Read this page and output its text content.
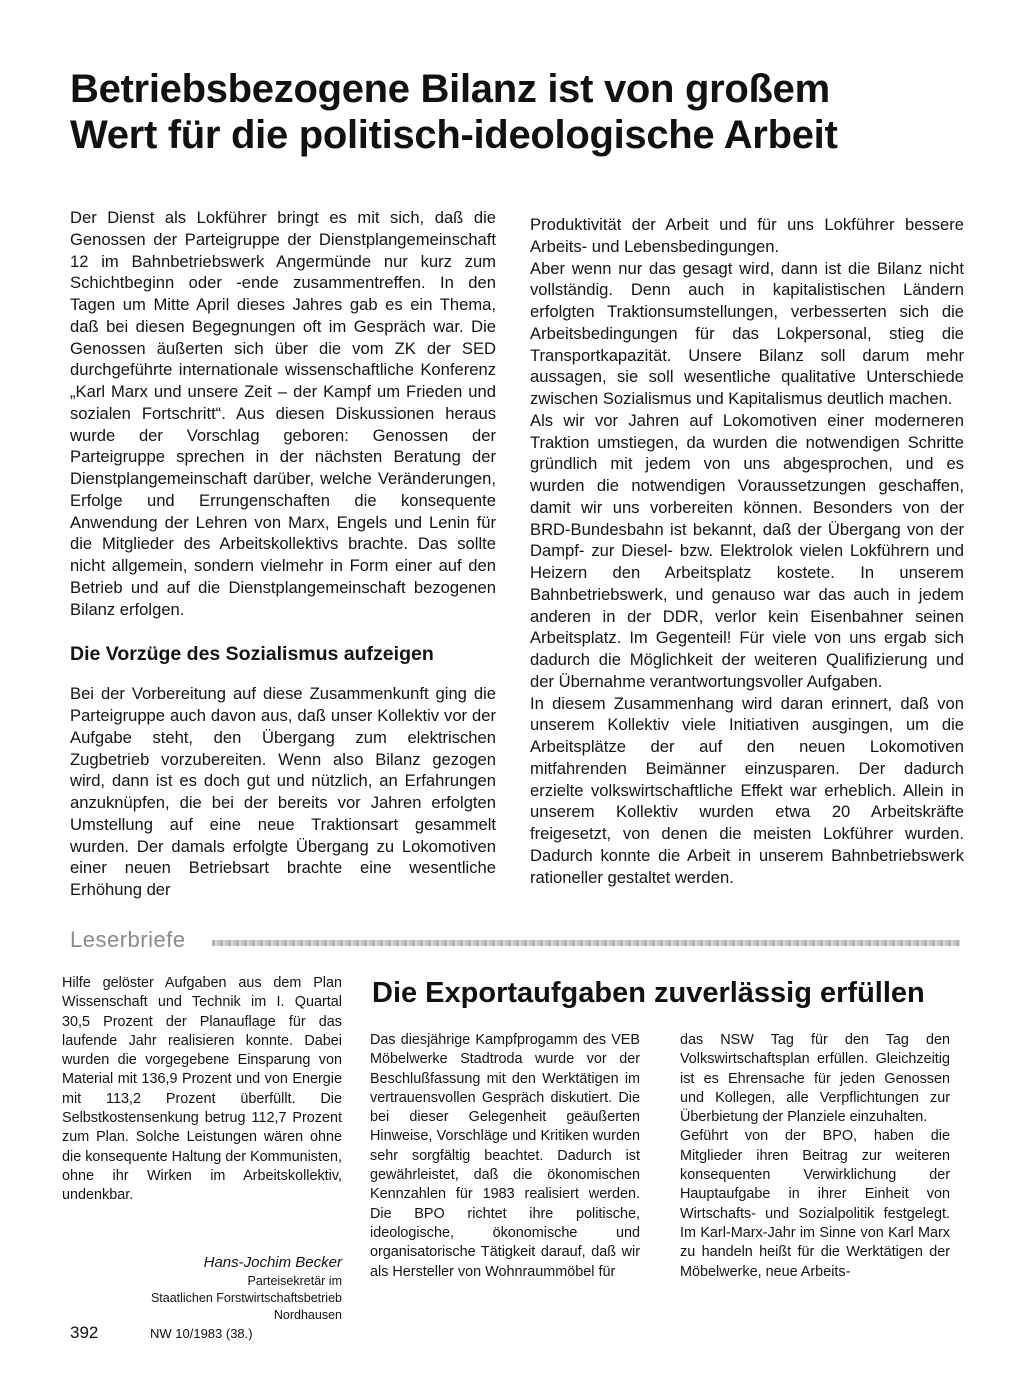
Betriebsbezogene Bilanz ist von großem
Wert für die politisch-ideologische Arbeit

Der Dienst als Lokführer bringt es mit sich, daß die Genossen der Parteigruppe der Dienstplangemeinschaft 12 im Bahnbetriebswerk Angermünde nur kurz zum Schichtbeginn oder -ende zusammentreffen. In den Tagen um Mitte April dieses Jahres gab es ein Thema, daß bei diesen Begegnungen oft im Gespräch war. Die Genossen äußerten sich über die vom ZK der SED durchgeführte internationale wissenschaftliche Konferenz „Karl Marx und unsere Zeit – der Kampf um Frieden und sozialen Fortschritt“. Aus diesen Diskussionen heraus wurde der Vorschlag geboren: Genossen der Parteigruppe sprechen in der nächsten Beratung der Dienstplangemeinschaft darüber, welche Veränderungen, Erfolge und Errungenschaften die konsequente Anwendung der Lehren von Marx, Engels und Lenin für die Mitglieder des Arbeitskollektivs brachte. Das sollte nicht allgemein, sondern vielmehr in Form einer auf den Betrieb und auf die Dienstplangemeinschaft bezogenen Bilanz erfolgen.

Die Vorzüge des Sozialismus aufzeigen

Bei der Vorbereitung auf diese Zusammenkunft ging die Parteigruppe auch davon aus, daß unser Kollektiv vor der Aufgabe steht, den Übergang zum elektrischen Zugbetrieb vorzubereiten. Wenn also Bilanz gezogen wird, dann ist es doch gut und nützlich, an Erfahrungen anzuknüpfen, die bei der bereits vor Jahren erfolgten Umstellung auf eine neue Traktionsart gesammelt wurden. Der damals erfolgte Übergang zu Lokomotiven einer neuen Betriebsart brachte eine wesentliche Erhöhung der

Produktivität der Arbeit und für uns Lokführer bessere Arbeits- und Lebensbedingungen.

Aber wenn nur das gesagt wird, dann ist die Bilanz nicht vollständig. Denn auch in kapitalistischen Ländern erfolgten Traktionsumstellungen, verbesserten sich die Arbeitsbedingungen für das Lokpersonal, stieg die Transportkapazität. Unsere Bilanz soll darum mehr aussagen, sie soll wesentliche qualitative Unterschiede zwischen Sozialismus und Kapitalismus deutlich machen.

Als wir vor Jahren auf Lokomotiven einer moderneren Traktion umstiegen, da wurden die notwendigen Schritte gründlich mit jedem von uns abgesprochen, und es wurden die notwendigen Voraussetzungen geschaffen, damit wir uns vorbereiten können. Besonders von der BRD-Bundesbahn ist bekannt, daß der Übergang von der Dampf- zur Diesel- bzw. Elektrolok vielen Lokführern und Heizern den Arbeitsplatz kostete. In unserem Bahnbetriebswerk, und genauso war das auch in jedem anderen in der DDR, verlor kein Eisenbahner seinen Arbeitsplatz. Im Gegenteil! Für viele von uns ergab sich dadurch die Möglichkeit der weiteren Qualifizierung und der Übernahme verantwortungsvoller Aufgaben.

In diesem Zusammenhang wird daran erinnert, daß von unserem Kollektiv viele Initiativen ausgingen, um die Arbeitsplätze der auf den neuen Lokomotiven mitfahrenden Beimänner einzusparen. Der dadurch erzielte volkswirtschaftliche Effekt war erheblich. Allein in unserem Kollektiv wurden etwa 20 Arbeitskräfte freigesetzt, von denen die meisten Lokführer wurden. Dadurch konnte die Arbeit in unserem Bahnbetriebswerk rationeller gestaltet werden.

Leserbriefe

Hilfe gelöster Aufgaben aus dem Plan Wissenschaft und Technik im I. Quartal 30,5 Prozent der Planauflage für das laufende Jahr realisieren konnte. Dabei wurden die vorgegebene Einsparung von Material mit 136,9 Prozent und von Energie mit 113,2 Prozent überfüllt. Die Selbstkostensenkung betrug 112,7 Prozent zum Plan. Solche Leistungen wären ohne die konsequente Haltung der Kommunisten, ohne ihr Wirken im Arbeitskollektiv, undenkbar.

Hans-Jochim Becker
Parteisekretär im
Staatlichen Forstwirtschaftsbetrieb
Nordhausen
Die Exportaufgaben zuverlässig erfüllen

Das diesjährige Kampfprogamm des VEB Möbelwerke Stadtroda wurde vor der Beschlußfassung mit den Werktätigen im vertrauensvollen Gespräch diskutiert. Die bei dieser Gelegenheit geäußerten Hinweise, Vorschläge und Kritiken wurden sehr sorgfältig beachtet. Dadurch ist gewährleistet, daß die ökonomischen Kennzahlen für 1983 realisiert werden. Die BPO richtet ihre politische, ideologische, ökonomische und organisatorische Tätigkeit darauf, daß wir als Hersteller von Wohnraummöbel für

das NSW Tag für den Tag den Volkswirtschaftsplan erfüllen. Gleichzeitig ist es Ehrensache für jeden Genossen und Kollegen, alle Verpflichtungen zur Überbietung der Planziele einzuhalten.

Geführt von der BPO, haben die Mitglieder ihren Beitrag zur weiteren konsequenten Verwirklichung der Hauptaufgabe in ihrer Einheit von Wirtschafts- und Sozialpolitik festgelegt. Im Karl-Marx-Jahr im Sinne von Karl Marx zu handeln heißt für die Werktätigen der Möbelwerke, neue Arbeits-

392	NW 10/1983 (38.)
